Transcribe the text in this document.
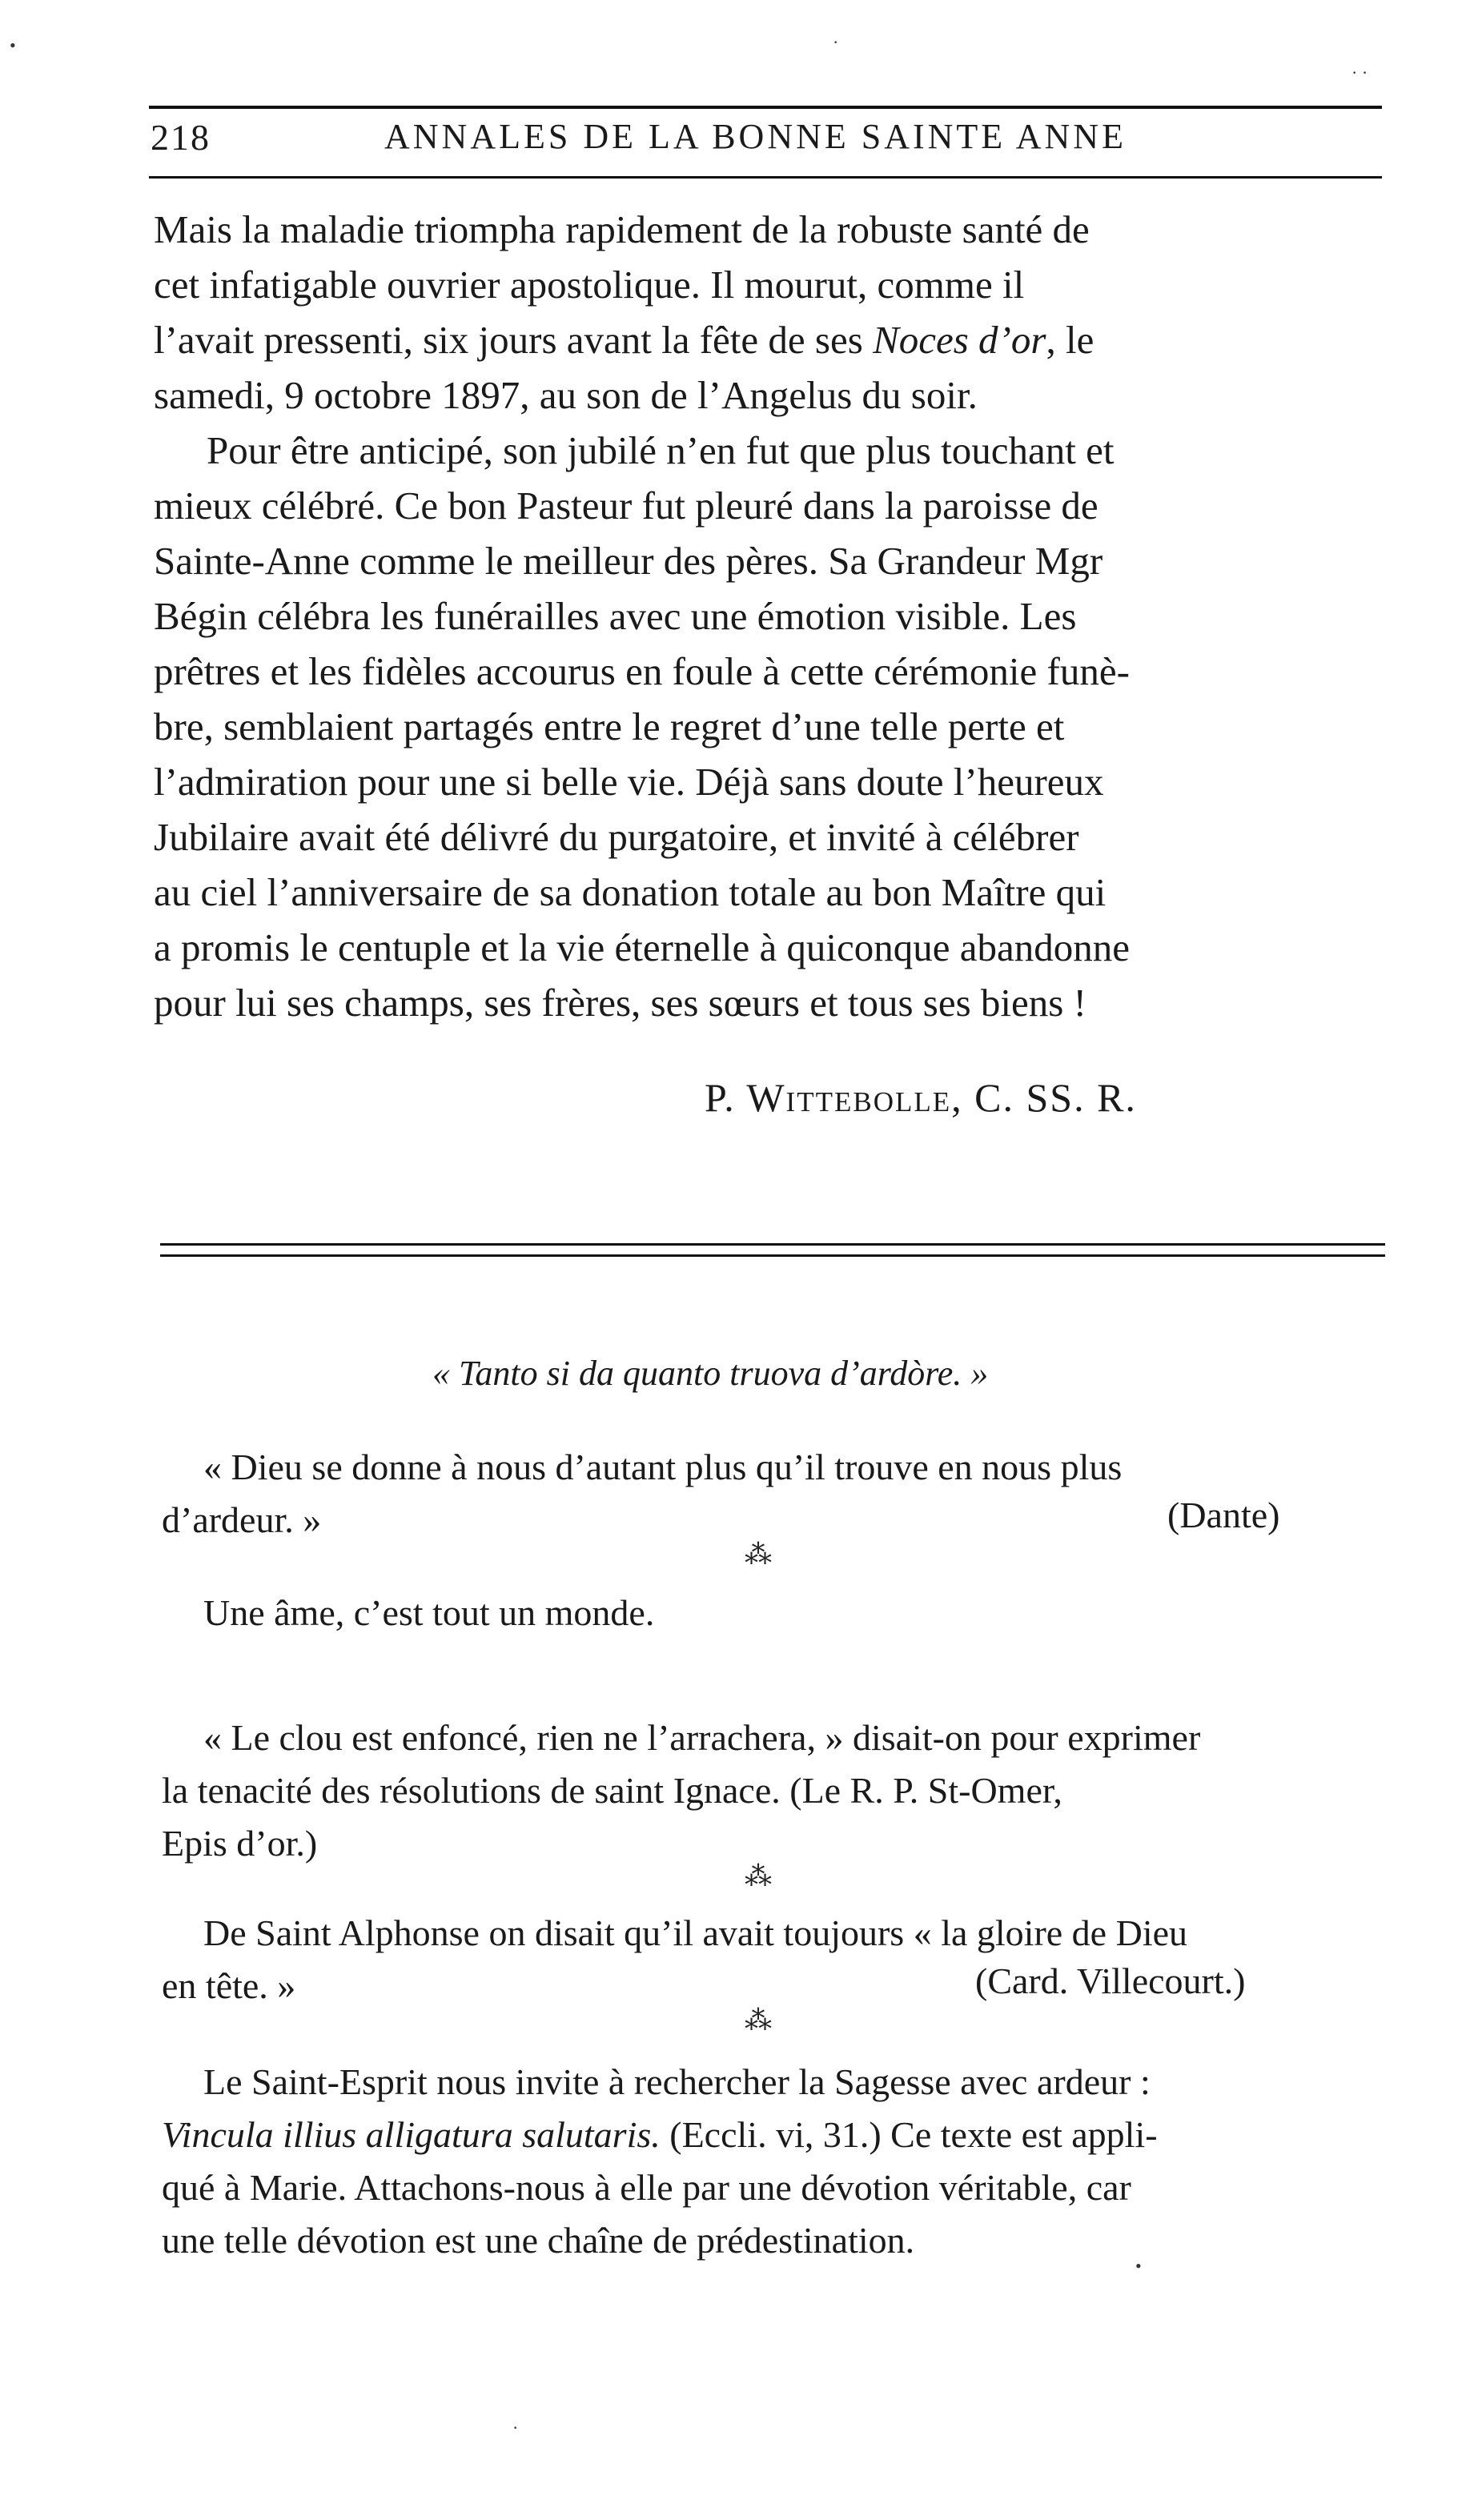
218	ANNALES DE LA BONNE SAINTE ANNE

Mais la maladie triompha rapidement de la robuste santé de
cet infatigable ouvrier apostolique. Il mourut, comme il
l’avait pressenti, six jours avant la fête de ses Noces d’or, le
samedi, 9 octobre 1897, au son de l’Angelus du soir.

Pour être anticipé, son jubilé n’en fut que plus touchant et
mieux célébré. Ce bon Pasteur fut pleuré dans la paroisse de
Sainte-Anne comme le meilleur des pères. Sa Grandeur Mgr
Bégin célébra les funérailles avec une émotion visible. Les
prêtres et les fidèles accourus en foule à cette cérémonie funè-
bre, semblaient partagés entre le regret d’une telle perte et
l’admiration pour une si belle vie. Déjà sans doute l’heureux
Jubilaire avait été délivré du purgatoire, et invité à célébrer
au ciel l’anniversaire de sa donation totale au bon Maître qui
a promis le centuple et la vie éternelle à quiconque abandonne
pour lui ses champs, ses frères, ses sœurs et tous ses biens !

P. Wittebolle, C. SS. R.
« Tanto si da quanto truova d’ardòre. »

« Dieu se donne à nous d’autant plus qu’il trouve en nous plus
d’ardeur. »	(Dante)
⁂

Une âme, c’est tout un monde.

« Le clou est enfoncé, rien ne l’arrachera, » disait-on pour exprimer
la tenacité des résolutions de saint Ignace. (Le R. P. St-Omer,
Epis d’or.)

⁂

De Saint Alphonse on disait qu’il avait toujours « la gloire de Dieu
en tête. »	(Card. Villecourt.)
⁂

Le Saint-Esprit nous invite à rechercher la Sagesse avec ardeur :
Vincula illius alligatura salutaris. (Eccli. vi, 31.) Ce texte est appli-
qué à Marie. Attachons-nous à elle par une dévotion véritable, car
une telle dévotion est une chaîne de prédestination.

•	·
· ·
•
·
